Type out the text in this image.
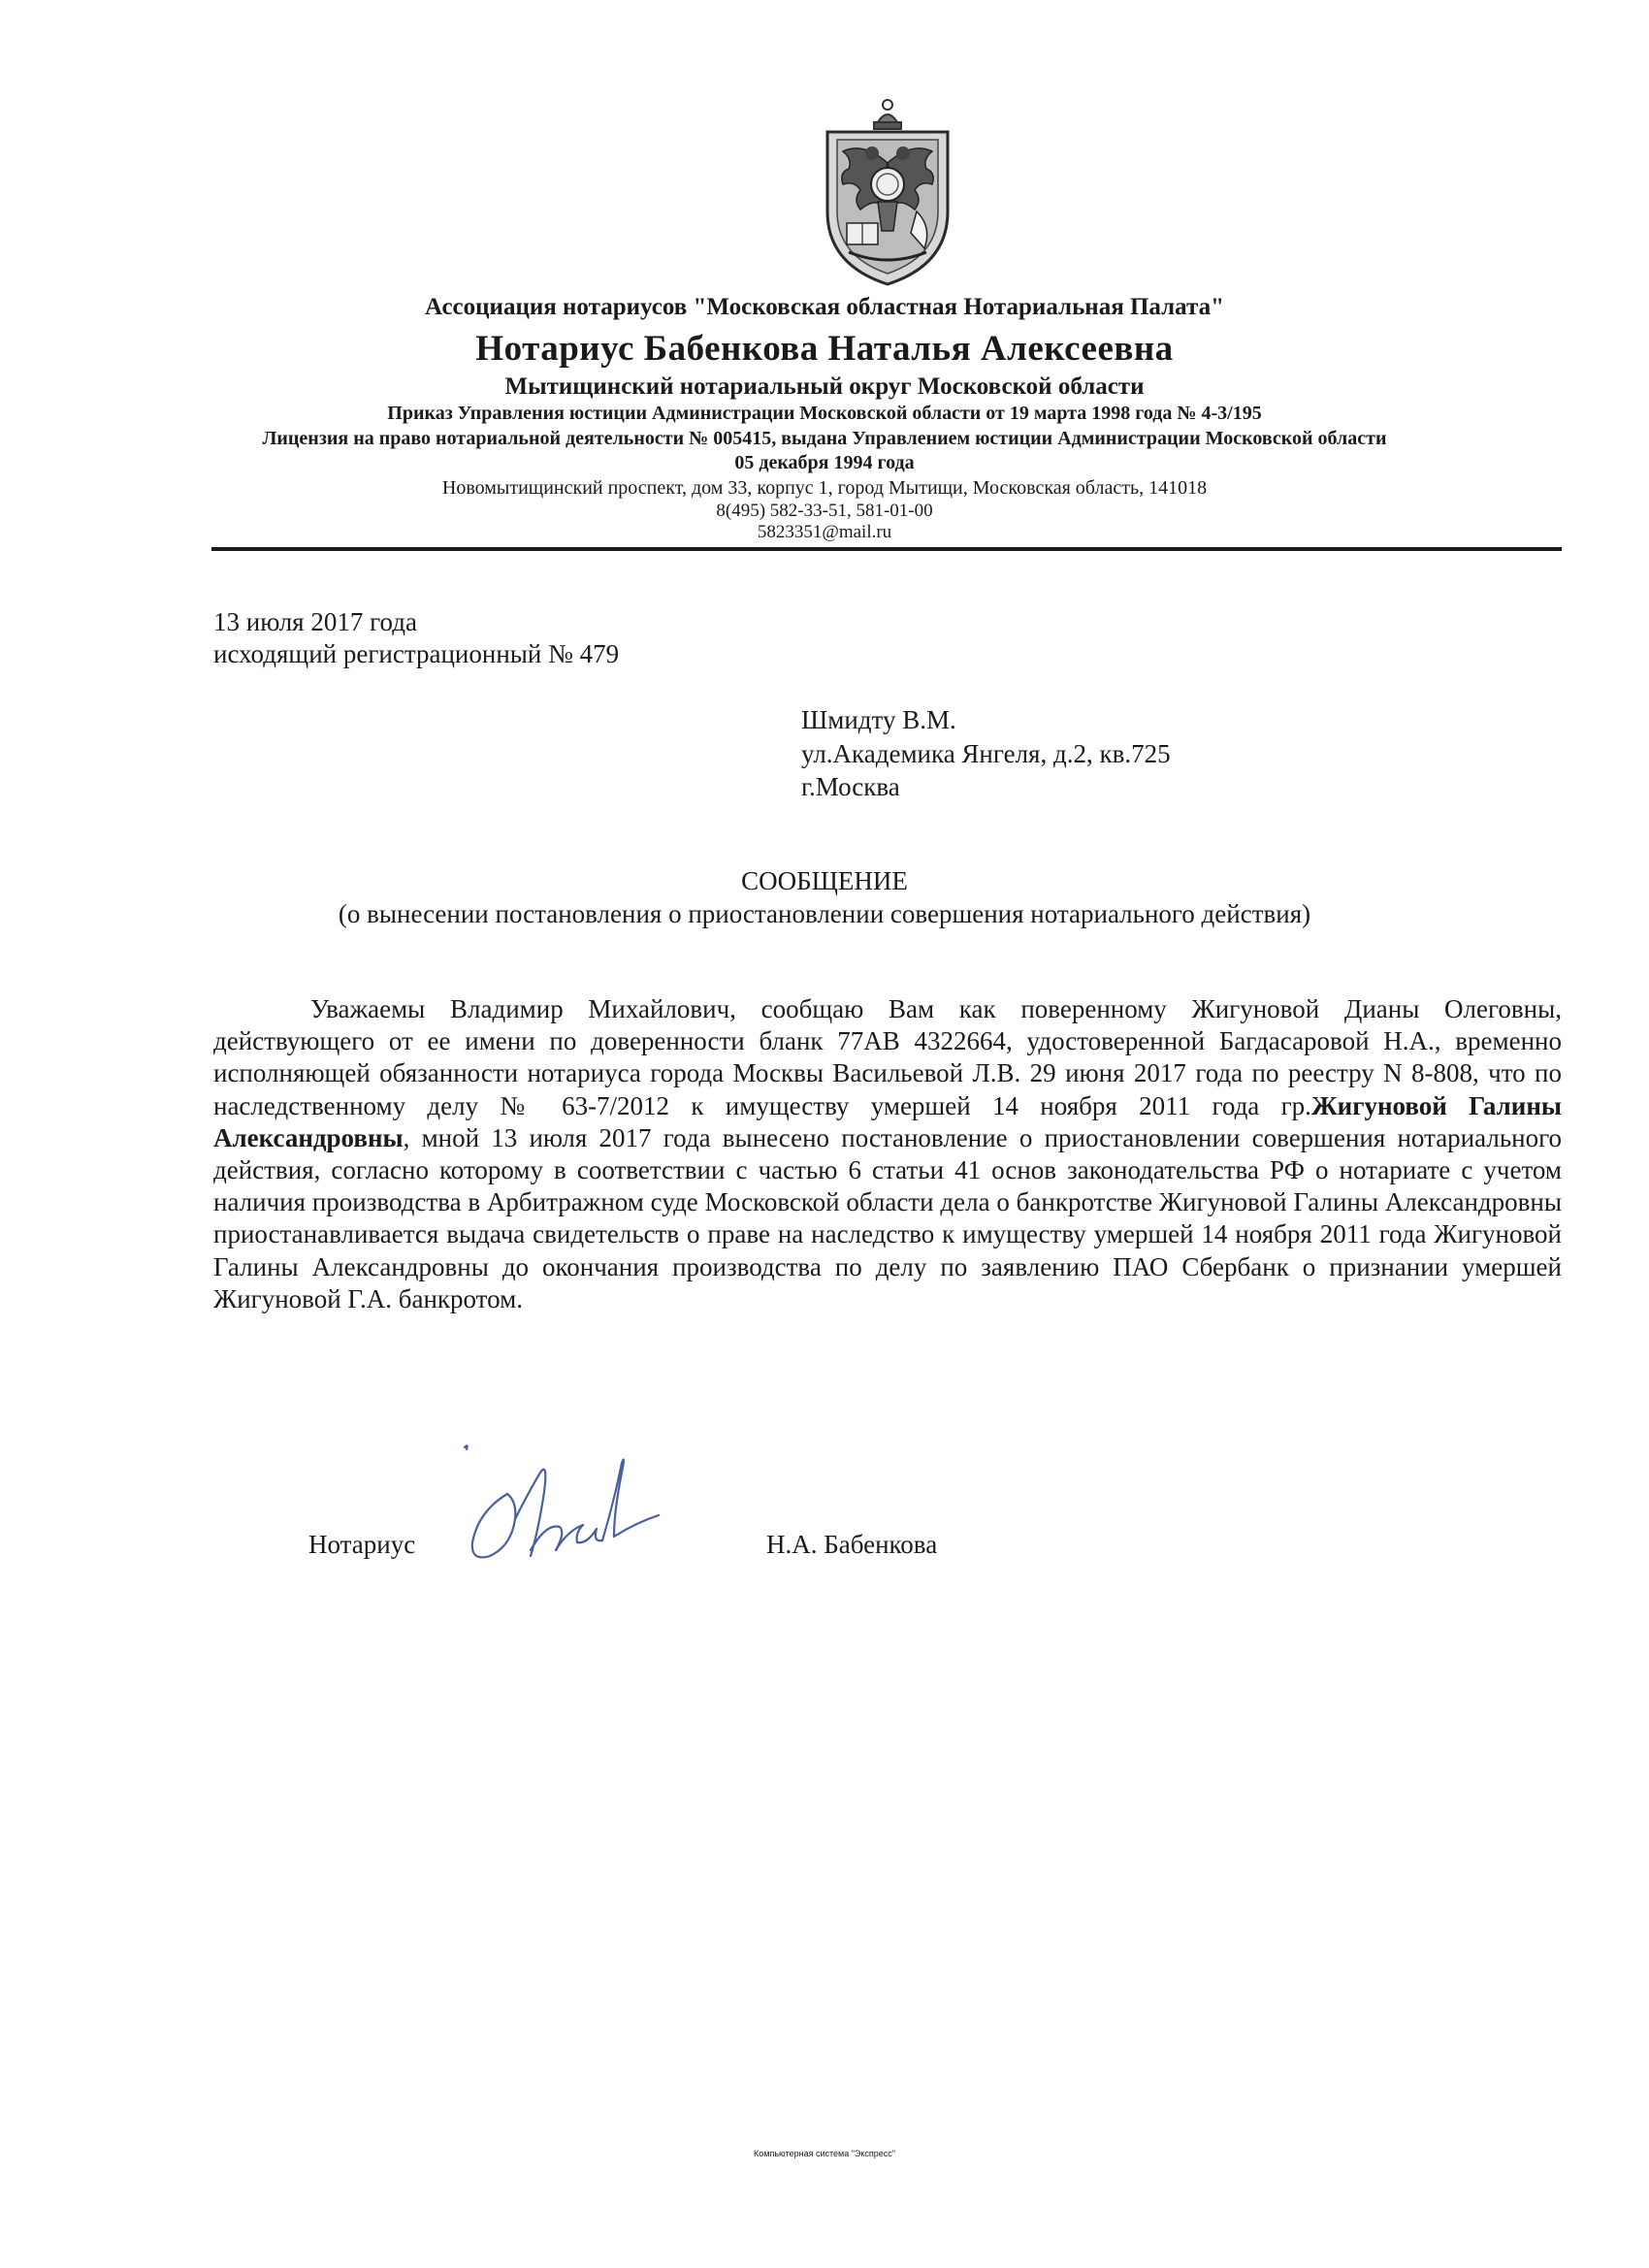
Ассоциация нотариусов "Московская областная Нотариальная Палата"
Нотариус Бабенкова Наталья Алексеевна
Мытищинский нотариальный округ Московской области
Приказ Управления юстиции Администрации Московской области от 19 марта 1998 года № 4-3/195
Лицензия на право нотариальной деятельности № 005415, выдана Управлением юстиции Администрации Московской области
05 декабря 1994 года
Новомытищинский проспект, дом 33, корпус 1, город Мытищи, Московская область, 141018
8(495) 582-33-51, 581-01-00
5823351@mail.ru
13 июля 2017 года
исходящий регистрационный № 479
Шмидту В.М.
ул.Академика Янгеля, д.2, кв.725
г.Москва
СООБЩЕНИЕ
(о вынесении постановления о приостановлении совершения нотариального действия)
Уважаемы Владимир Михайлович, сообщаю Вам как поверенному Жигуновой Дианы Олеговны, действующего от ее имени по доверенности бланк 77АВ 4322664, удостоверенной Багдасаровой Н.А., временно исполняющей обязанности нотариуса города Москвы Васильевой Л.В. 29 июня 2017 года по реестру N 8-808, что по наследственному делу № 63-7/2012 к имуществу умершей 14 ноября 2011 года гр.Жигуновой Галины Александровны, мной 13 июля 2017 года вынесено постановление о приостановлении совершения нотариального действия, согласно которому в соответствии с частью 6 статьи 41 основ законодательства РФ о нотариате с учетом наличия производства в Арбитражном суде Московской области дела о банкротстве Жигуновой Галины Александровны приостанавливается выдача свидетельств о праве на наследство к имуществу умершей 14 ноября 2011 года Жигуновой Галины Александровны до окончания производства по делу по заявлению ПАО Сбербанк о признании умершей Жигуновой Г.А. банкротом.
Нотариус	Н.А. Бабенкова
Компьютерная система "Экспресс"
